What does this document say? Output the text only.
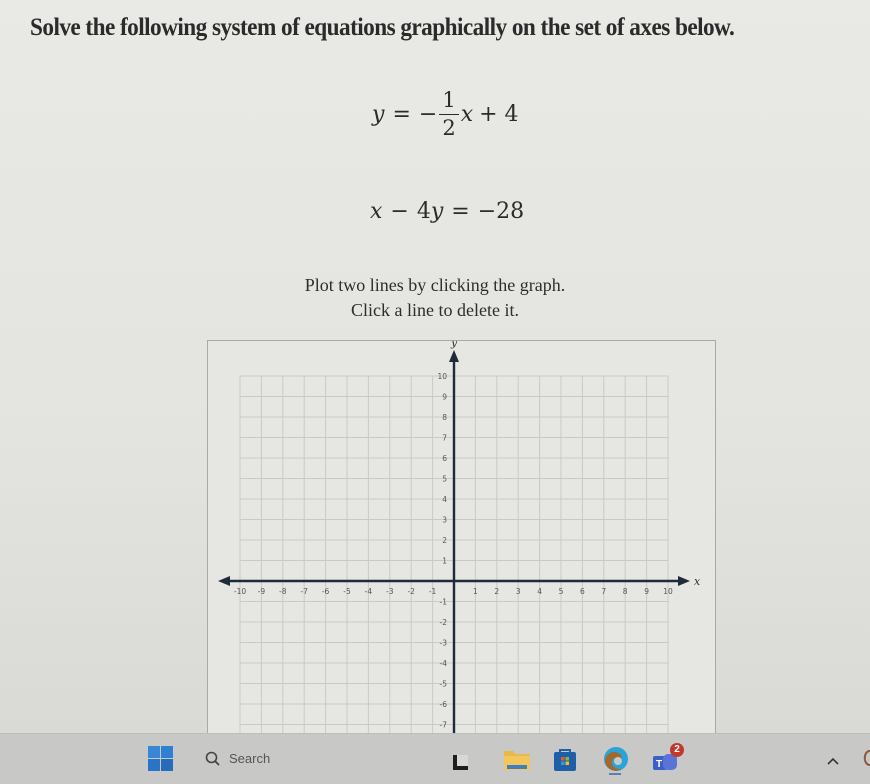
Solve the following system of equations graphically on the set of axes below.
y = − $\frac{1}{2}$ x + 4
x − 4 y = −28
Plot two lines by clicking the graph.
Click a line to delete it.
x
y
-10 -9 -8 -7 -6 -5 -4 -3 -2 -1	1 2 3 4 5 6 7 8 9 10
1
2
3
4
5
6
7
8
9
10
-1
-2
-3
-4
-5
-6
-7
Search	T
2
